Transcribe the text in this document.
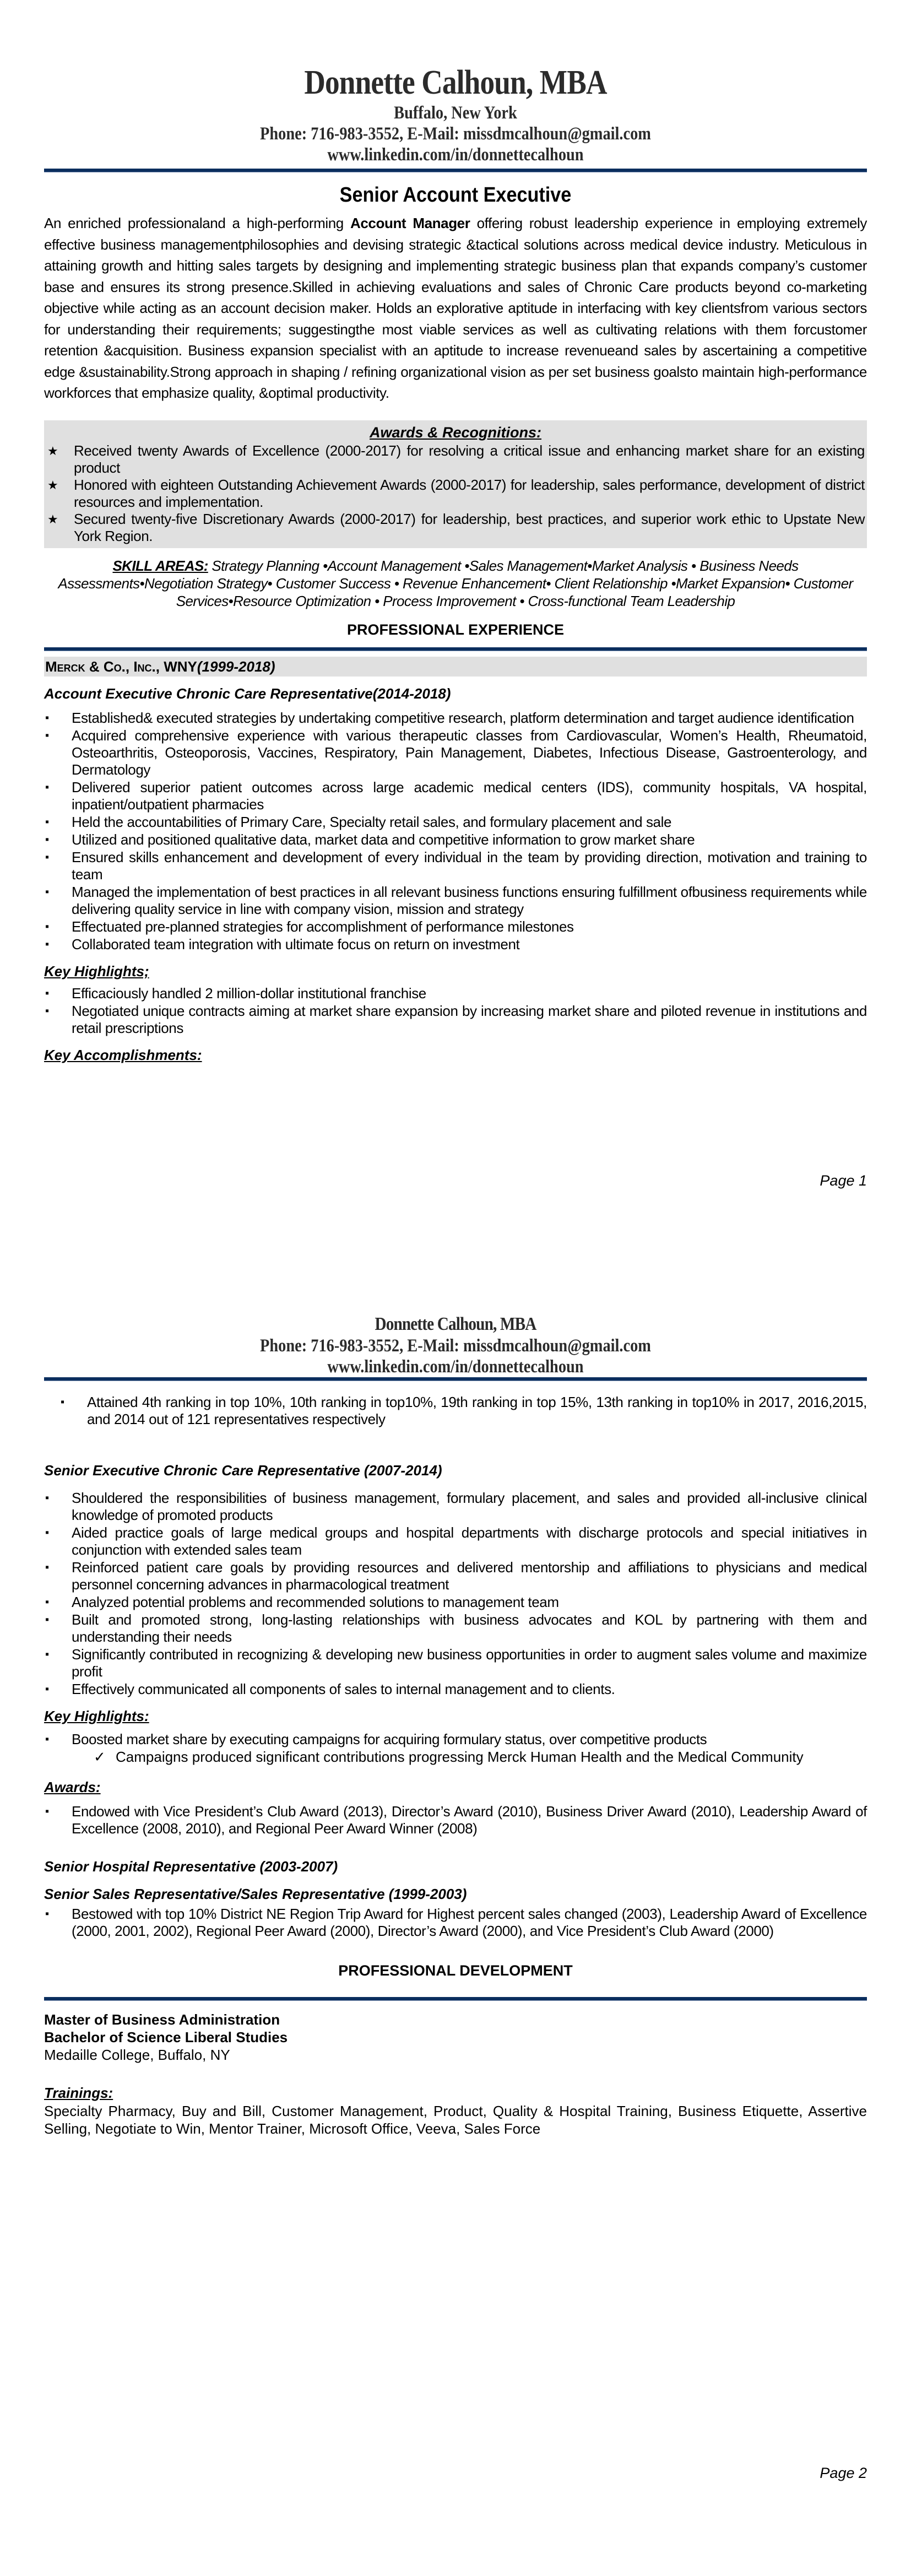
Donnette Calhoun, MBA
Buffalo, New York
Phone: 716-983-3552, E-Mail: missdmcalhoun@gmail.com
www.linkedin.com/in/donnettecalhoun
Senior Account Executive
An enriched professionaland a high-performing Account Manager offering robust leadership experience in employing extremely effective business managementphilosophies and devising strategic &tactical solutions across medical device industry. Meticulous in attaining growth and hitting sales targets by designing and implementing strategic business plan that expands company’s customer base and ensures its strong presence.Skilled in achieving evaluations and sales of Chronic Care products beyond co-marketing objective while acting as an account decision maker. Holds an explorative aptitude in interfacing with key clientsfrom various sectors for understanding their requirements; suggestingthe most viable services as well as cultivating relations with them forcustomer retention &acquisition. Business expansion specialist with an aptitude to increase revenueand sales by ascertaining a competitive edge &sustainability.Strong approach in shaping / refining organizational vision as per set business goalsto maintain high-performance workforces that emphasize quality, &optimal productivity.
Awards & Recognitions:
★ Received twenty Awards of Excellence (2000-2017) for resolving a critical issue and enhancing market share for an existing product
★ Honored with eighteen Outstanding Achievement Awards (2000-2017) for leadership, sales performance, development of district resources and implementation.
★ Secured twenty-five Discretionary Awards (2000-2017) for leadership, best practices, and superior work ethic to Upstate New York Region.
SKILL AREAS: Strategy Planning •Account Management •Sales Management•Market Analysis • Business Needs Assessments•Negotiation Strategy• Customer Success • Revenue Enhancement• Client Relationship •Market Expansion• Customer Services•Resource Optimization • Process Improvement • Cross-functional Team Leadership
PROFESSIONAL EXPERIENCE
Merck & Co., Inc., WNY(1999-2018)
Account Executive Chronic Care Representative(2014-2018)
▪ Established& executed strategies by undertaking competitive research, platform determination and target audience identification
▪ Acquired comprehensive experience with various therapeutic classes from Cardiovascular, Women’s Health, Rheumatoid, Osteoarthritis, Osteoporosis, Vaccines, Respiratory, Pain Management, Diabetes, Infectious Disease, Gastroenterology, and Dermatology
▪ Delivered superior patient outcomes across large academic medical centers (IDS), community hospitals, VA hospital, inpatient/outpatient pharmacies
▪ Held the accountabilities of Primary Care, Specialty retail sales, and formulary placement and sale
▪ Utilized and positioned qualitative data, market data and competitive information to grow market share
▪ Ensured skills enhancement and development of every individual in the team by providing direction, motivation and training to team
▪ Managed the implementation of best practices in all relevant business functions ensuring fulfillment ofbusiness requirements while delivering quality service in line with company vision, mission and strategy
▪ Effectuated pre-planned strategies for accomplishment of performance milestones
▪ Collaborated team integration with ultimate focus on return on investment
Key Highlights;
▪ Efficaciously handled 2 million-dollar institutional franchise
▪ Negotiated unique contracts aiming at market share expansion by increasing market share and piloted revenue in institutions and retail prescriptions
Key Accomplishments:
Page 1
Donnette Calhoun, MBA
Phone: 716-983-3552, E-Mail: missdmcalhoun@gmail.com
www.linkedin.com/in/donnettecalhoun
▪ Attained 4th ranking in top 10%, 10th ranking in top10%, 19th ranking in top 15%, 13th ranking in top10% in 2017, 2016,2015, and 2014 out of 121 representatives respectively
Senior Executive Chronic Care Representative (2007-2014)
▪ Shouldered the responsibilities of business management, formulary placement, and sales and provided all-inclusive clinical knowledge of promoted products
▪ Aided practice goals of large medical groups and hospital departments with discharge protocols and special initiatives in conjunction with extended sales team
▪ Reinforced patient care goals by providing resources and delivered mentorship and affiliations to physicians and medical personnel concerning advances in pharmacological treatment
▪ Analyzed potential problems and recommended solutions to management team
▪ Built and promoted strong, long-lasting relationships with business advocates and KOL by partnering with them and understanding their needs
▪ Significantly contributed in recognizing & developing new business opportunities in order to augment sales volume and maximize profit
▪ Effectively communicated all components of sales to internal management and to clients.
Key Highlights:
▪ Boosted market share by executing campaigns for acquiring formulary status, over competitive products
✓ Campaigns produced significant contributions progressing Merck Human Health and the Medical Community
Awards:
▪ Endowed with Vice President’s Club Award (2013), Director’s Award (2010), Business Driver Award (2010), Leadership Award of Excellence (2008, 2010), and Regional Peer Award Winner (2008)
Senior Hospital Representative (2003-2007)
Senior Sales Representative/Sales Representative (1999-2003)
▪ Bestowed with top 10% District NE Region Trip Award for Highest percent sales changed (2003), Leadership Award of Excellence (2000, 2001, 2002), Regional Peer Award (2000), Director’s Award (2000), and Vice President’s Club Award (2000)
PROFESSIONAL DEVELOPMENT
Master of Business Administration
Bachelor of Science Liberal Studies
Medaille College, Buffalo, NY
Trainings:
Specialty Pharmacy, Buy and Bill, Customer Management, Product, Quality & Hospital Training, Business Etiquette, Assertive Selling, Negotiate to Win, Mentor Trainer, Microsoft Office, Veeva, Sales Force
Page 2
